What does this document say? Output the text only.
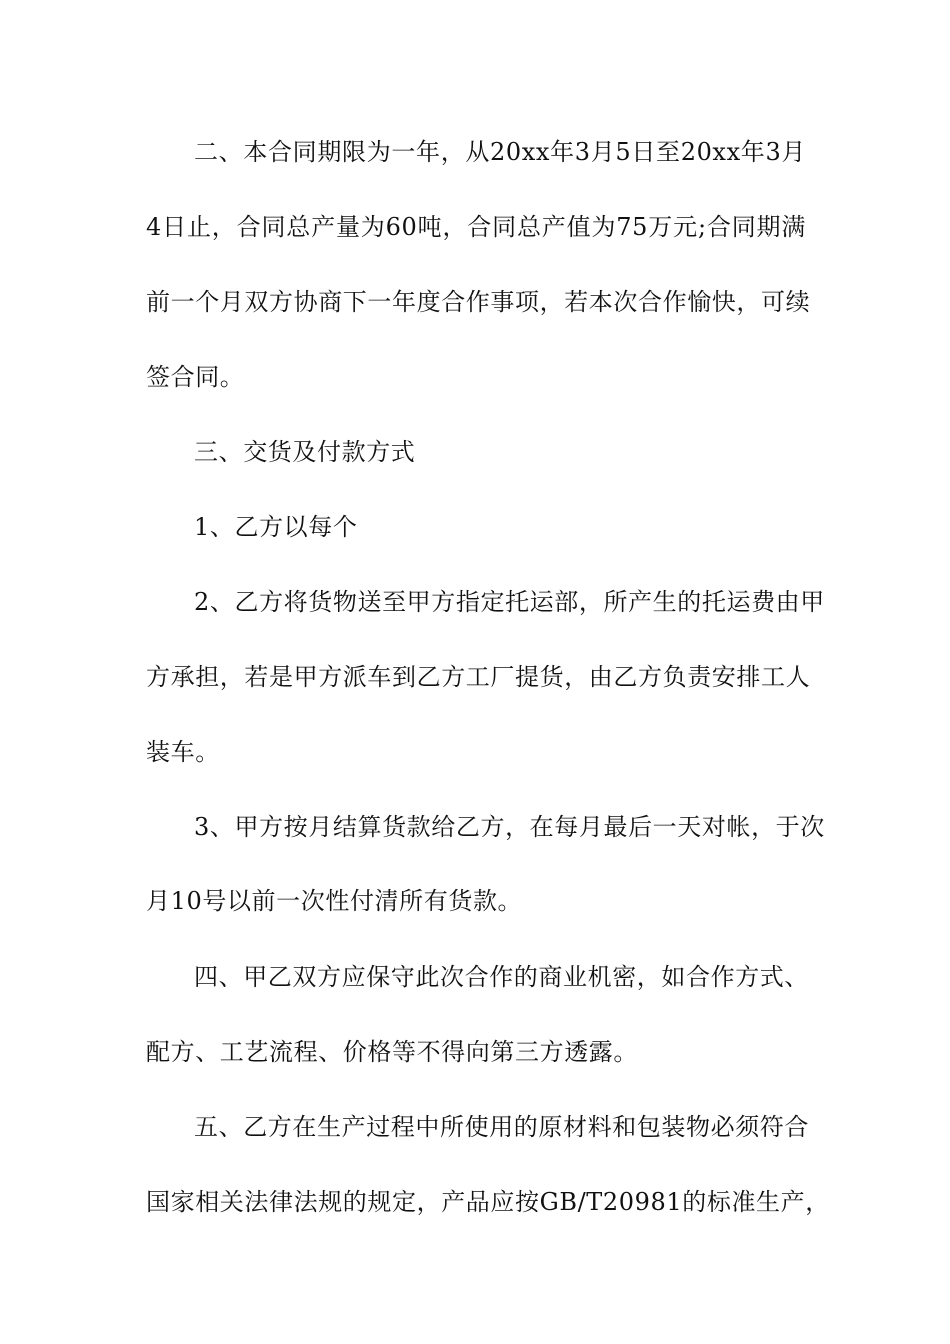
二、本合同期限为一年，从20xx年3月5日至20xx年3月
4日止，合同总产量为60吨，合同总产值为75万元;合同期满
前一个月双方协商下一年度合作事项，若本次合作愉快，可续
签合同。
三、交货及付款方式
1、乙方以每个
2、乙方将货物送至甲方指定托运部，所产生的托运费由甲
方承担，若是甲方派车到乙方工厂提货，由乙方负责安排工人
装车。
3、甲方按月结算货款给乙方，在每月最后一天对帐，于次
月10号以前一次性付清所有货款。
四、甲乙双方应保守此次合作的商业机密，如合作方式、
配方、工艺流程、价格等不得向第三方透露。
五、乙方在生产过程中所使用的原材料和包装物必须符合
国家相关法律法规的规定，产品应按GB/T20981的标准生产，
